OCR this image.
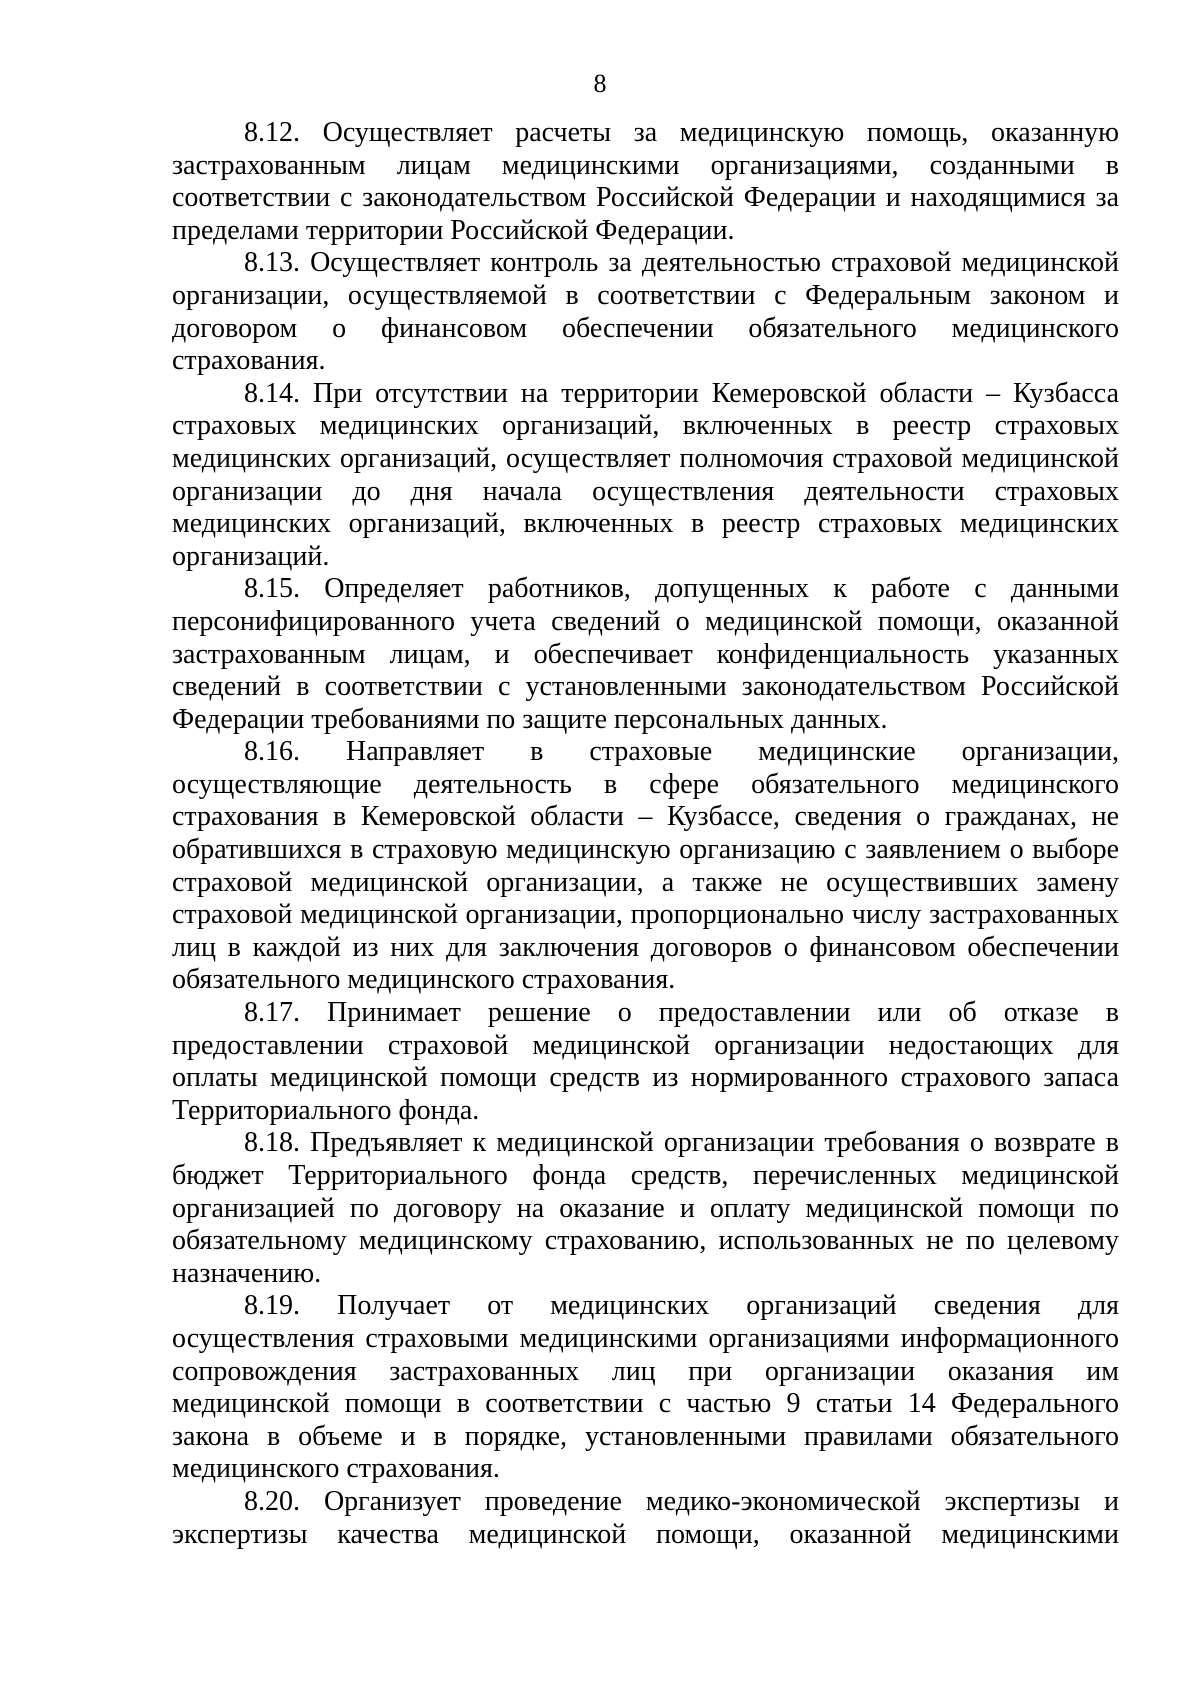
8

8.12. Осуществляет расчеты за медицинскую помощь, оказанную застрахованным лицам медицинскими организациями, созданными в соответствии с законодательством Российской Федерации и находящимися за пределами территории Российской Федерации.

8.13. Осуществляет контроль за деятельностью страховой медицинской организации, осуществляемой в соответствии с Федеральным законом и договором о финансовом обеспечении обязательного медицинского страхования.

8.14. При отсутствии на территории Кемеровской области – Кузбасса страховых медицинских организаций, включенных в реестр страховых медицинских организаций, осуществляет полномочия страховой медицинской организации до дня начала осуществления деятельности страховых медицинских организаций, включенных в реестр страховых медицинских организаций.

8.15. Определяет работников, допущенных к работе с данными персонифицированного учета сведений о медицинской помощи, оказанной застрахованным лицам, и обеспечивает конфиденциальность указанных сведений в соответствии с установленными законодательством Российской Федерации требованиями по защите персональных данных.

8.16. Направляет в страховые медицинские организации, осуществляющие деятельность в сфере обязательного медицинского страхования в Кемеровской области – Кузбассе, сведения о гражданах, не обратившихся в страховую медицинскую организацию с заявлением о выборе страховой медицинской организации, а также не осуществивших замену страховой медицинской организации, пропорционально числу застрахованных лиц в каждой из них для заключения договоров о финансовом обеспечении обязательного медицинского страхования.

8.17. Принимает решение о предоставлении или об отказе в предоставлении страховой медицинской организации недостающих для оплаты медицинской помощи средств из нормированного страхового запаса Территориального фонда.

8.18. Предъявляет к медицинской организации требования о возврате в бюджет Территориального фонда средств, перечисленных медицинской организацией по договору на оказание и оплату медицинской помощи по обязательному медицинскому страхованию, использованных не по целевому назначению.

8.19. Получает от медицинских организаций сведения для осуществления страховыми медицинскими организациями информационного сопровождения застрахованных лиц при организации оказания им медицинской помощи в соответствии с частью 9 статьи 14 Федерального закона в объеме и в порядке, установленными правилами обязательного медицинского страхования.

8.20. Организует проведение медико-экономической экспертизы и экспертизы качества медицинской помощи, оказанной медицинскими
